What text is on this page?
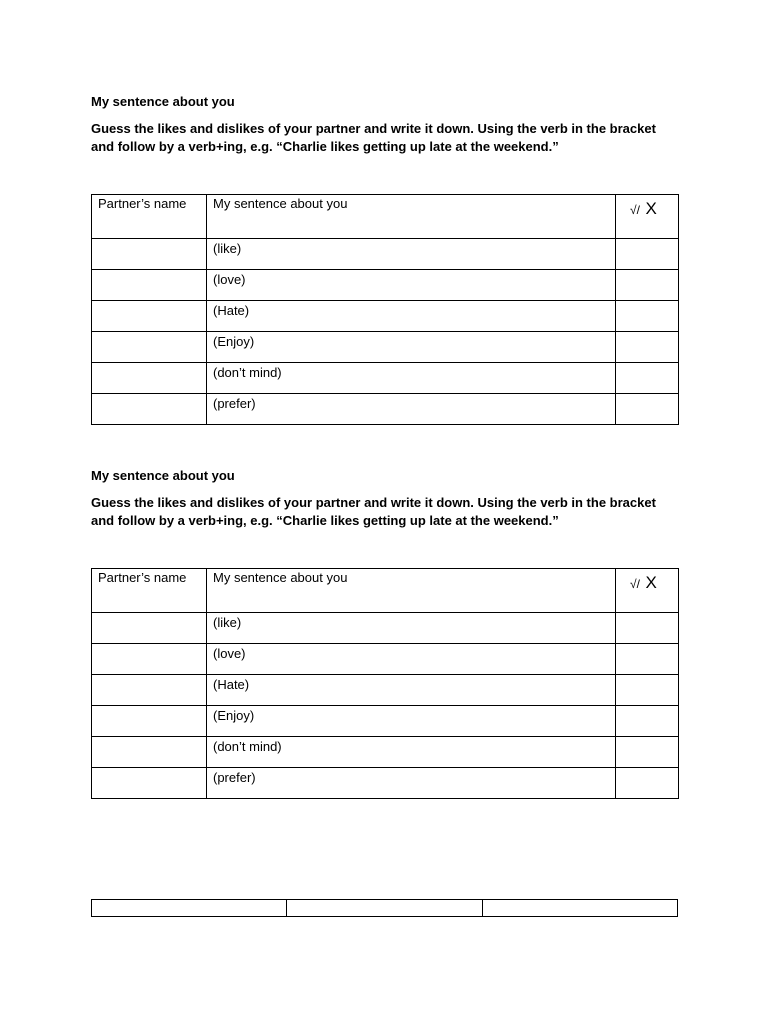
My sentence about you

Guess the likes and dislikes of your partner and write it down. Using the verb in the bracket and follow by a verb+ing, e.g. “Charlie likes getting up late at the weekend.”

Partner’s name	My sentence about you	√/ X
	(like)	
	(love)	
	(Hate)	
	(Enjoy)	
	(don’t mind)	
	(prefer)	

My sentence about you

Guess the likes and dislikes of your partner and write it down. Using the verb in the bracket and follow by a verb+ing, e.g. “Charlie likes getting up late at the weekend.”

Partner’s name	My sentence about you	√/ X
	(like)	
	(love)	
	(Hate)	
	(Enjoy)	
	(don’t mind)	
	(prefer)	
